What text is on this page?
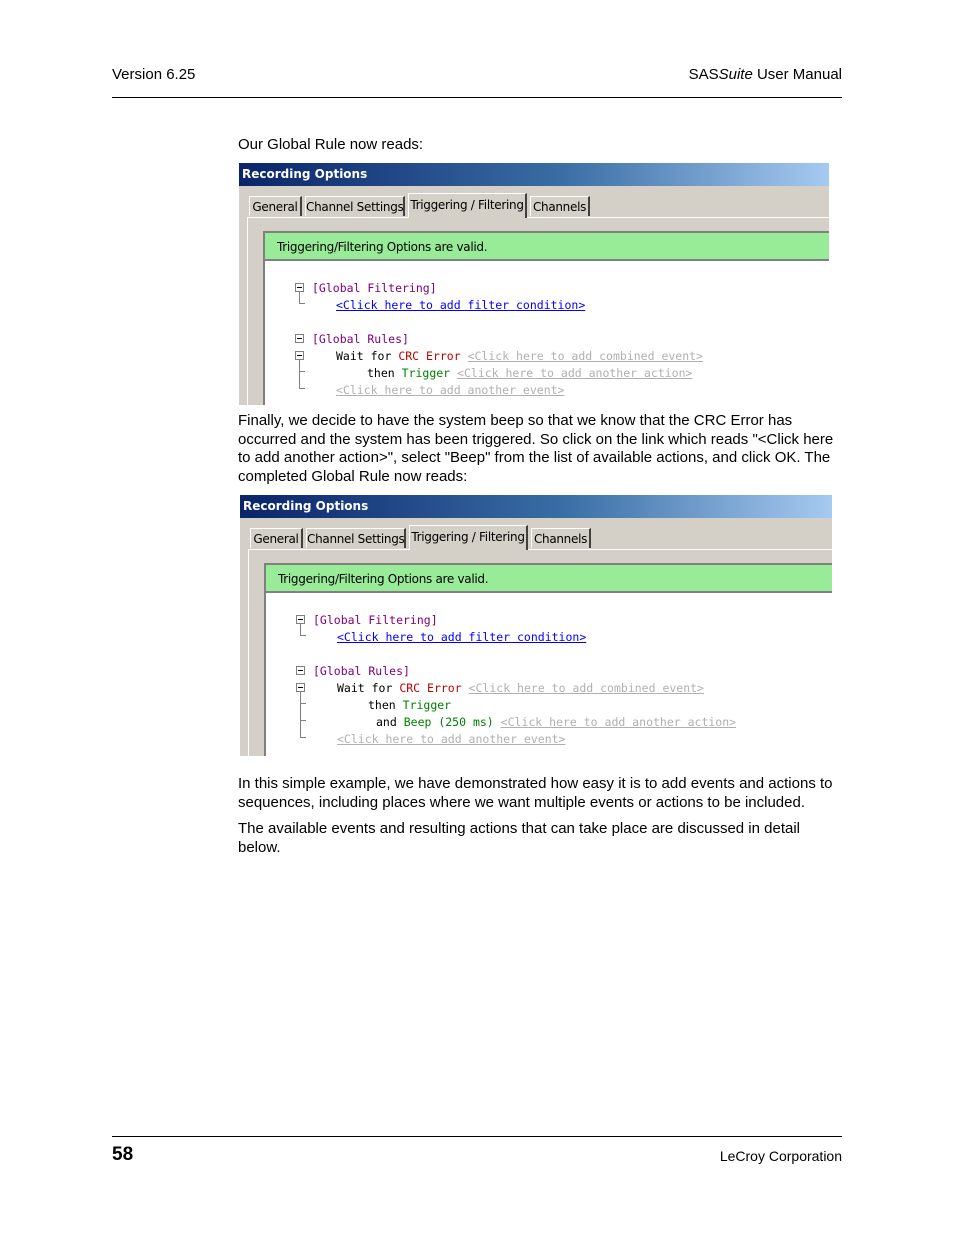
Version 6.25	SASSuite User Manual

Our Global Rule now reads:

Recording Options
General Channel Settings Triggering / Filtering Channels
Triggering/Filtering Options are valid.
[Global Filtering]
<Click here to add filter condition>
[Global Rules]
Wait for CRC Error <Click here to add combined event>
then Trigger <Click here to add another action>
<Click here to add another event>

Finally, we decide to have the system beep so that we know that the CRC Error has occurred and the system has been triggered. So click on the link which reads "<Click here to add another action>", select "Beep" from the list of available actions, and click OK. The completed Global Rule now reads:

Recording Options
General Channel Settings Triggering / Filtering Channels
Triggering/Filtering Options are valid.
[Global Filtering]
<Click here to add filter condition>
[Global Rules]
Wait for CRC Error <Click here to add combined event>
then Trigger
and Beep (250 ms) <Click here to add another action>
<Click here to add another event>

In this simple example, we have demonstrated how easy it is to add events and actions to sequences, including places where we want multiple events or actions to be included.

The available events and resulting actions that can take place are discussed in detail below.

58	LeCroy Corporation
